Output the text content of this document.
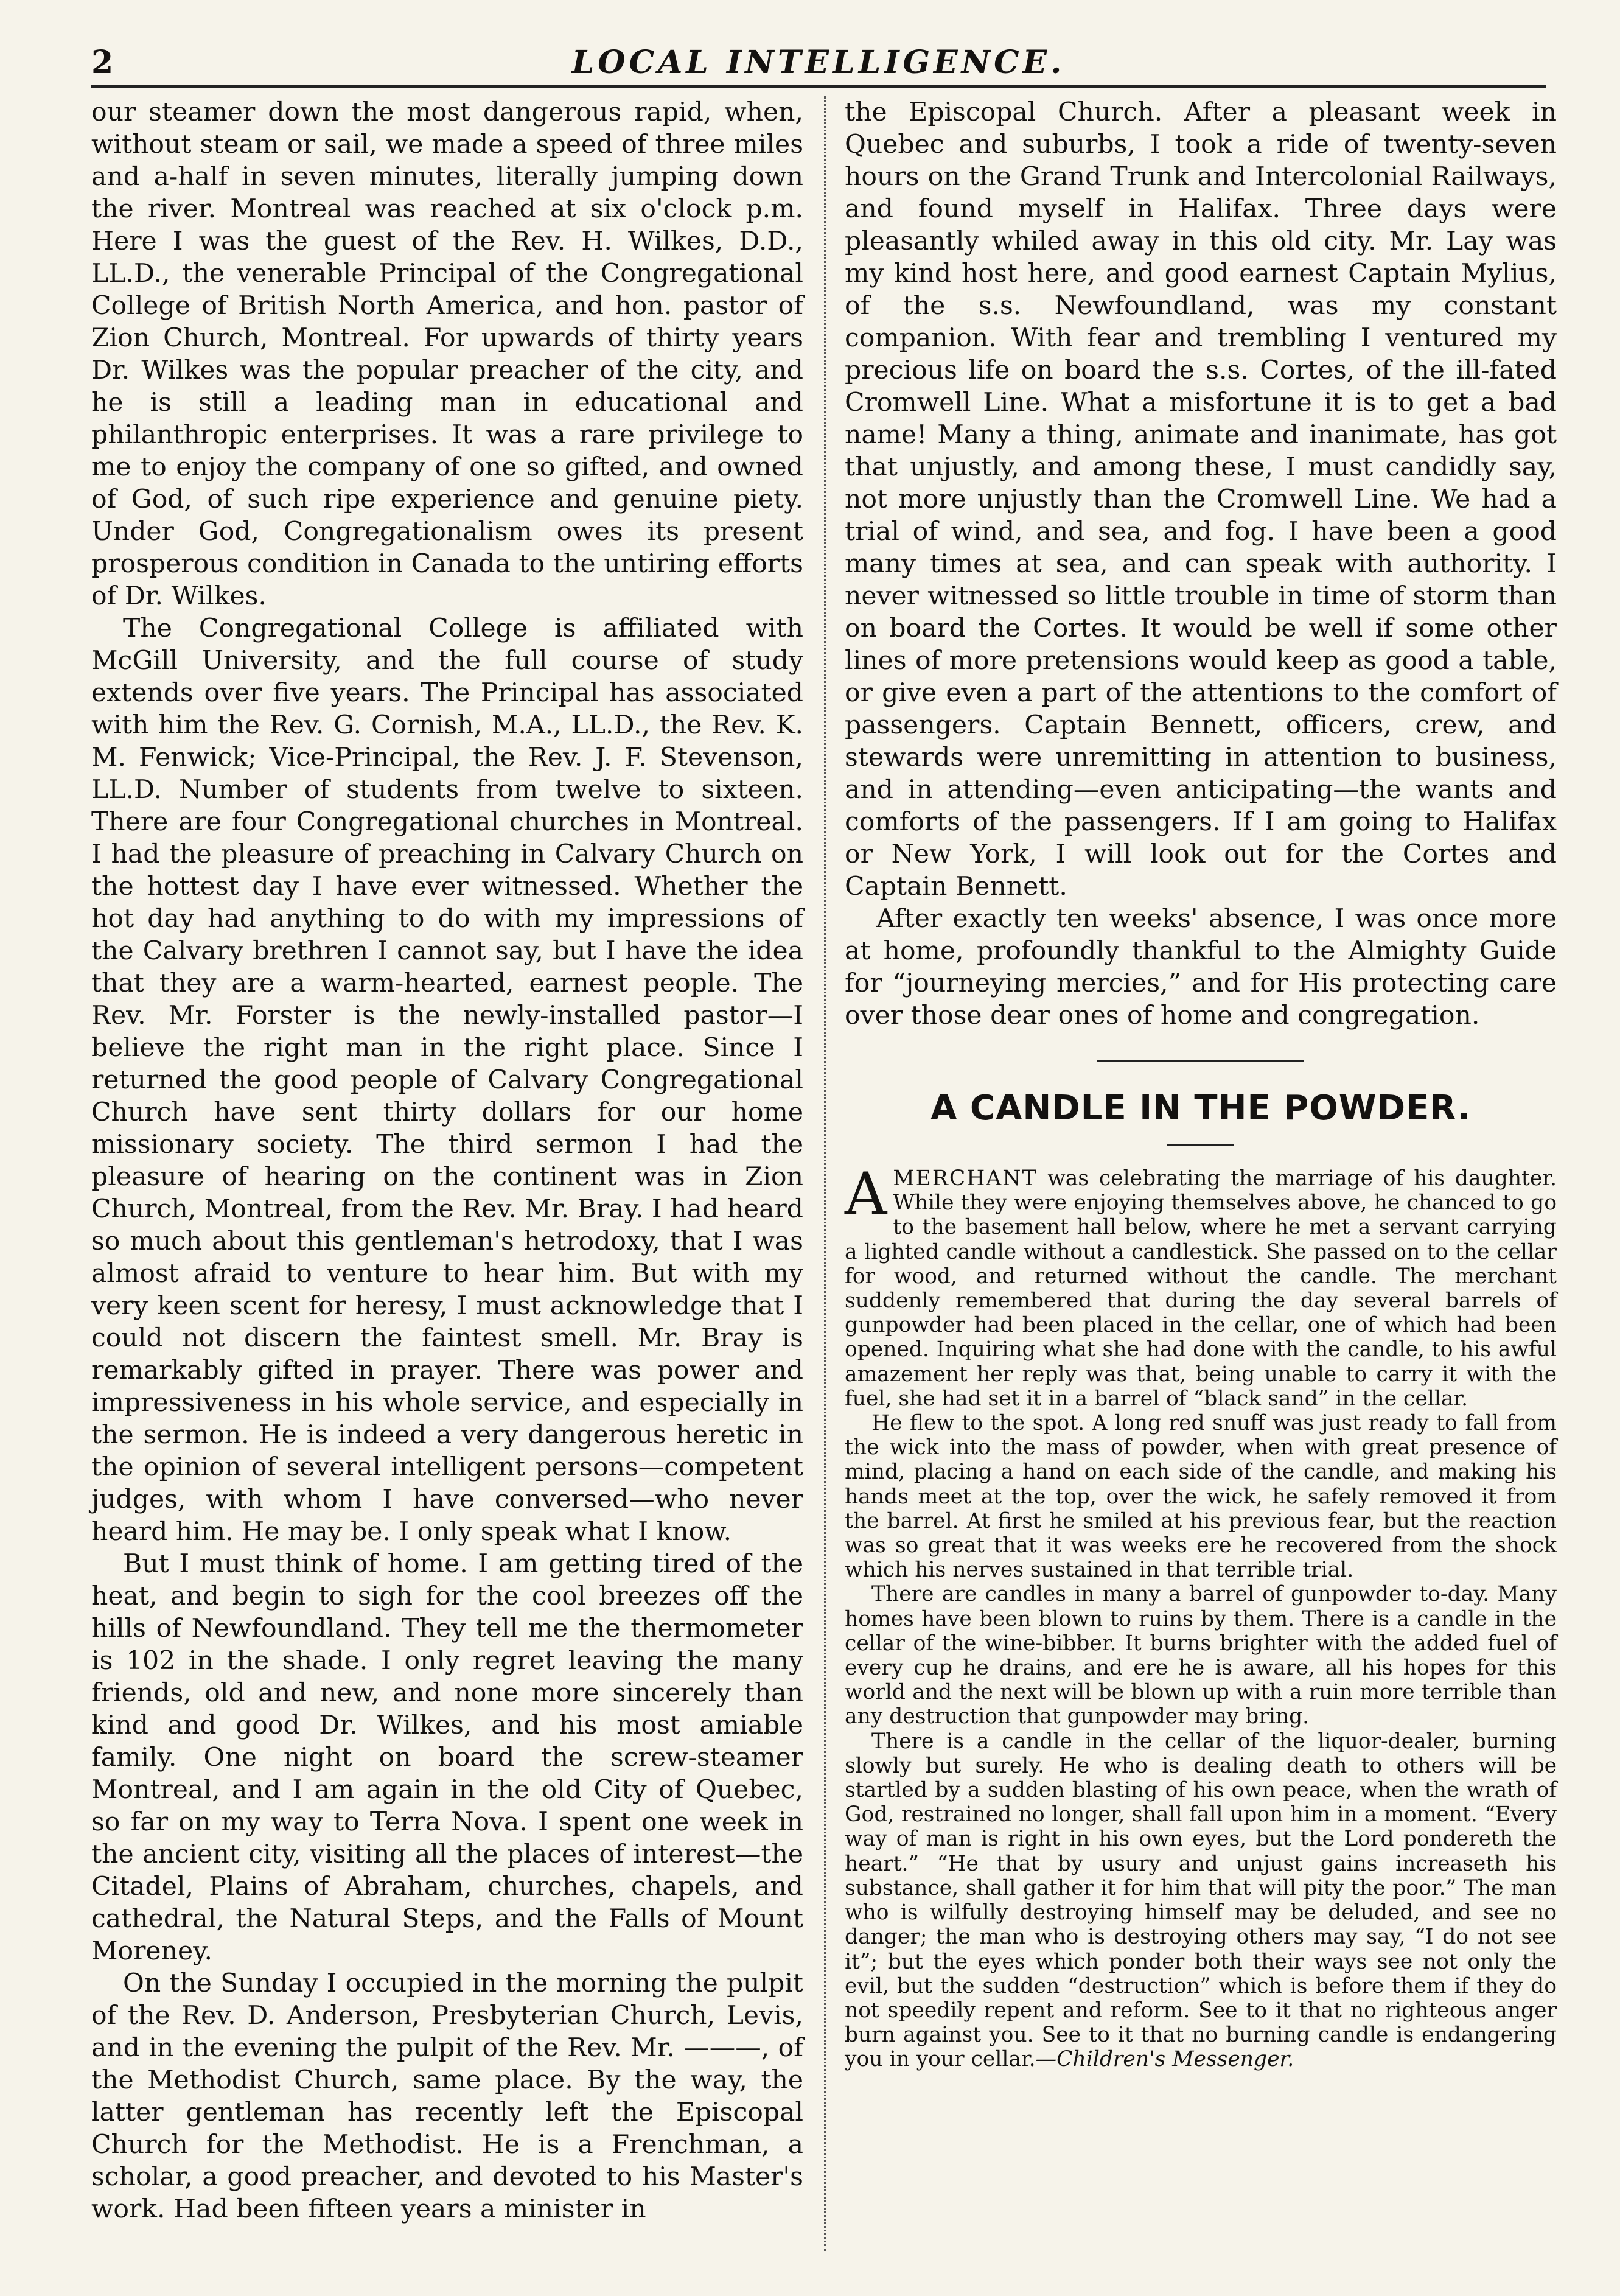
2	LOCAL INTELLIGENCE.

our steamer down the most dangerous rapid, when, without steam or sail, we made a speed of three miles and a-half in seven minutes, literally jumping down the river. Montreal was reached at six o'clock p.m. Here I was the guest of the Rev. H. Wilkes, D.D., LL.D., the venerable Principal of the Congregational College of British North America, and hon. pastor of Zion Church, Montreal. For upwards of thirty years Dr. Wilkes was the popular preacher of the city, and he is still a leading man in educational and philanthropic enterprises. It was a rare privilege to me to enjoy the company of one so gifted, and owned of God, of such ripe experience and genuine piety. Under God, Congregationalism owes its present prosperous condition in Canada to the untiring efforts of Dr. Wilkes.

The Congregational College is affiliated with McGill University, and the full course of study extends over five years. The Principal has associated with him the Rev. G. Cornish, M.A., LL.D., the Rev. K. M. Fenwick; Vice-Principal, the Rev. J. F. Stevenson, LL.D. Number of students from twelve to sixteen. There are four Congregational churches in Montreal. I had the pleasure of preaching in Calvary Church on the hottest day I have ever witnessed. Whether the hot day had anything to do with my impressions of the Calvary brethren I cannot say, but I have the idea that they are a warm-hearted, earnest people. The Rev. Mr. Forster is the newly-installed pastor—I believe the right man in the right place. Since I returned the good people of Calvary Congregational Church have sent thirty dollars for our home missionary society. The third sermon I had the pleasure of hearing on the continent was in Zion Church, Montreal, from the Rev. Mr. Bray. I had heard so much about this gentleman's hetrodoxy, that I was almost afraid to venture to hear him. But with my very keen scent for heresy, I must acknowledge that I could not discern the faintest smell. Mr. Bray is remarkably gifted in prayer. There was power and impressiveness in his whole service, and especially in the sermon. He is indeed a very dangerous heretic in the opinion of several intelligent persons—competent judges, with whom I have conversed—who never heard him. He may be. I only speak what I know.

But I must think of home. I am getting tired of the heat, and begin to sigh for the cool breezes off the hills of Newfoundland. They tell me the thermometer is 102 in the shade. I only regret leaving the many friends, old and new, and none more sincerely than kind and good Dr. Wilkes, and his most amiable family. One night on board the screw-steamer Montreal, and I am again in the old City of Quebec, so far on my way to Terra Nova. I spent one week in the ancient city, visiting all the places of interest—the Citadel, Plains of Abraham, churches, chapels, and cathedral, the Natural Steps, and the Falls of Mount Moreney.

On the Sunday I occupied in the morning the pulpit of the Rev. D. Anderson, Presbyterian Church, Levis, and in the evening the pulpit of the Rev. Mr. ———, of the Methodist Church, same place. By the way, the latter gentleman has recently left the Episcopal Church for the Methodist. He is a Frenchman, a scholar, a good preacher, and devoted to his Master's work. Had been fifteen years a minister in

the Episcopal Church. After a pleasant week in Quebec and suburbs, I took a ride of twenty-seven hours on the Grand Trunk and Intercolonial Railways, and found myself in Halifax. Three days were pleasantly whiled away in this old city. Mr. Lay was my kind host here, and good earnest Captain Mylius, of the s.s. Newfoundland, was my constant companion. With fear and trembling I ventured my precious life on board the s.s. Cortes, of the ill-fated Cromwell Line. What a misfortune it is to get a bad name! Many a thing, animate and inanimate, has got that unjustly, and among these, I must candidly say, not more unjustly than the Cromwell Line. We had a trial of wind, and sea, and fog. I have been a good many times at sea, and can speak with authority. I never witnessed so little trouble in time of storm than on board the Cortes. It would be well if some other lines of more pretensions would keep as good a table, or give even a part of the attentions to the comfort of passengers. Captain Bennett, officers, crew, and stewards were unremitting in attention to business, and in attending—even anticipating—the wants and comforts of the passengers. If I am going to Halifax or New York, I will look out for the Cortes and Captain Bennett.

After exactly ten weeks' absence, I was once more at home, profoundly thankful to the Almighty Guide for “journeying mercies,” and for His protecting care over those dear ones of home and congregation.

A CANDLE IN THE POWDER.

AMERCHANT was celebrating the marriage of his daughter. While they were enjoying themselves above, he chanced to go to the basement hall below, where he met a servant carrying a lighted candle without a candlestick. She passed on to the cellar for wood, and returned without the candle. The merchant suddenly remembered that during the day several barrels of gunpowder had been placed in the cellar, one of which had been opened. Inquiring what she had done with the candle, to his awful amazement her reply was that, being unable to carry it with the fuel, she had set it in a barrel of “black sand” in the cellar.

He flew to the spot. A long red snuff was just ready to fall from the wick into the mass of powder, when with great presence of mind, placing a hand on each side of the candle, and making his hands meet at the top, over the wick, he safely removed it from the barrel. At first he smiled at his previous fear, but the reaction was so great that it was weeks ere he recovered from the shock which his nerves sustained in that terrible trial.

There are candles in many a barrel of gunpowder to-day. Many homes have been blown to ruins by them. There is a candle in the cellar of the wine-bibber. It burns brighter with the added fuel of every cup he drains, and ere he is aware, all his hopes for this world and the next will be blown up with a ruin more terrible than any destruction that gunpowder may bring.

There is a candle in the cellar of the liquor-dealer, burning slowly but surely. He who is dealing death to others will be startled by a sudden blasting of his own peace, when the wrath of God, restrained no longer, shall fall upon him in a moment. “Every way of man is right in his own eyes, but the Lord pondereth the heart.” “He that by usury and unjust gains increaseth his substance, shall gather it for him that will pity the poor.” The man who is wilfully destroying himself may be deluded, and see no danger; the man who is destroying others may say, “I do not see it”; but the eyes which ponder both their ways see not only the evil, but the sudden “destruction” which is before them if they do not speedily repent and reform. See to it that no righteous anger burn against you. See to it that no burning candle is endangering you in your cellar.—Children's Messenger.
